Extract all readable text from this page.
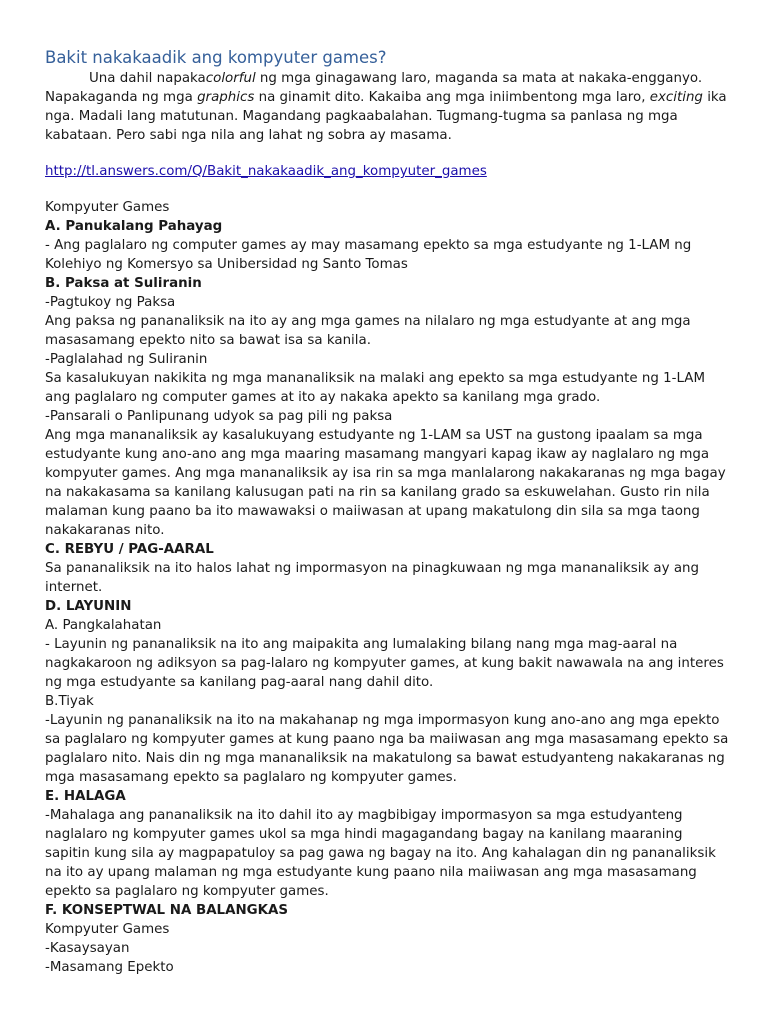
Bakit nakakaadik ang kompyuter games?

Una dahil napakacolorful ng mga ginagawang laro, maganda sa mata at nakaka-engganyo. Napakaganda ng mga graphics na ginamit dito. Kakaiba ang mga iniimbentong mga laro, exciting ika nga. Madali lang matutunan. Magandang pagkaabalahan. Tugmang-tugma sa panlasa ng mga kabataan. Pero sabi nga nila ang lahat ng sobra ay masama.

http://tl.answers.com/Q/Bakit_nakakaadik_ang_kompyuter_games

Kompyuter Games

A. Panukalang Pahayag

- Ang paglalaro ng computer games ay may masamang epekto sa mga estudyante ng 1-LAM ng Kolehiyo ng Komersyo sa Unibersidad ng Santo Tomas

B. Paksa at Suliranin

-Pagtukoy ng Paksa

Ang paksa ng pananaliksik na ito ay ang mga games na nilalaro ng mga estudyante at ang mga masasamang epekto nito sa bawat isa sa kanila.

-Paglalahad ng Suliranin

Sa kasalukuyan nakikita ng mga mananaliksik na malaki ang epekto sa mga estudyante ng 1-LAM ang paglalaro ng computer games at ito ay nakaka apekto sa kanilang mga grado.

-Pansarali o Panlipunang udyok sa pag pili ng paksa

Ang mga mananaliksik ay kasalukuyang estudyante ng 1-LAM sa UST na gustong ipaalam sa mga estudyante kung ano-ano ang mga maaring masamang mangyari kapag ikaw ay naglalaro ng mga kompyuter games. Ang mga mananaliksik ay isa rin sa mga manlalarong nakakaranas ng mga bagay na nakakasama sa kanilang kalusugan pati na rin sa kanilang grado sa eskuwelahan. Gusto rin nila malaman kung paano ba ito mawawaksi o maiiwasan at upang makatulong din sila sa mga taong nakakaranas nito.

C. REBYU / PAG-AARAL

Sa pananaliksik na ito halos lahat ng impormasyon na pinagkuwaan ng mga mananaliksik ay ang internet.

D. LAYUNIN

A. Pangkalahatan

- Layunin ng pananaliksik na ito ang maipakita ang lumalaking bilang nang mga mag-aaral na nagkakaroon ng adiksyon sa pag-lalaro ng kompyuter games, at kung bakit nawawala na ang interes ng mga estudyante sa kanilang pag-aaral nang dahil dito.

B.Tiyak

-Layunin ng pananaliksik na ito na makahanap ng mga impormasyon kung ano-ano ang mga epekto sa paglalaro ng kompyuter games at kung paano nga ba maiiwasan ang mga masasamang epekto sa paglalaro nito. Nais din ng mga mananaliksik na makatulong sa bawat estudyanteng nakakaranas ng mga masasamang epekto sa paglalaro ng kompyuter games.

E. HALAGA

-Mahalaga ang pananaliksik na ito dahil ito ay magbibigay impormasyon sa mga estudyanteng naglalaro ng kompyuter games ukol sa mga hindi magagandang bagay na kanilang maaraning sapitin kung sila ay magpapatuloy sa pag gawa ng bagay na ito. Ang kahalagan din ng pananaliksik na ito ay upang malaman ng mga estudyante kung paano nila maiiwasan ang mga masasamang epekto sa paglalaro ng kompyuter games.

F. KONSEPTWAL NA BALANGKAS

Kompyuter Games

-Kasaysayan

-Masamang Epekto
